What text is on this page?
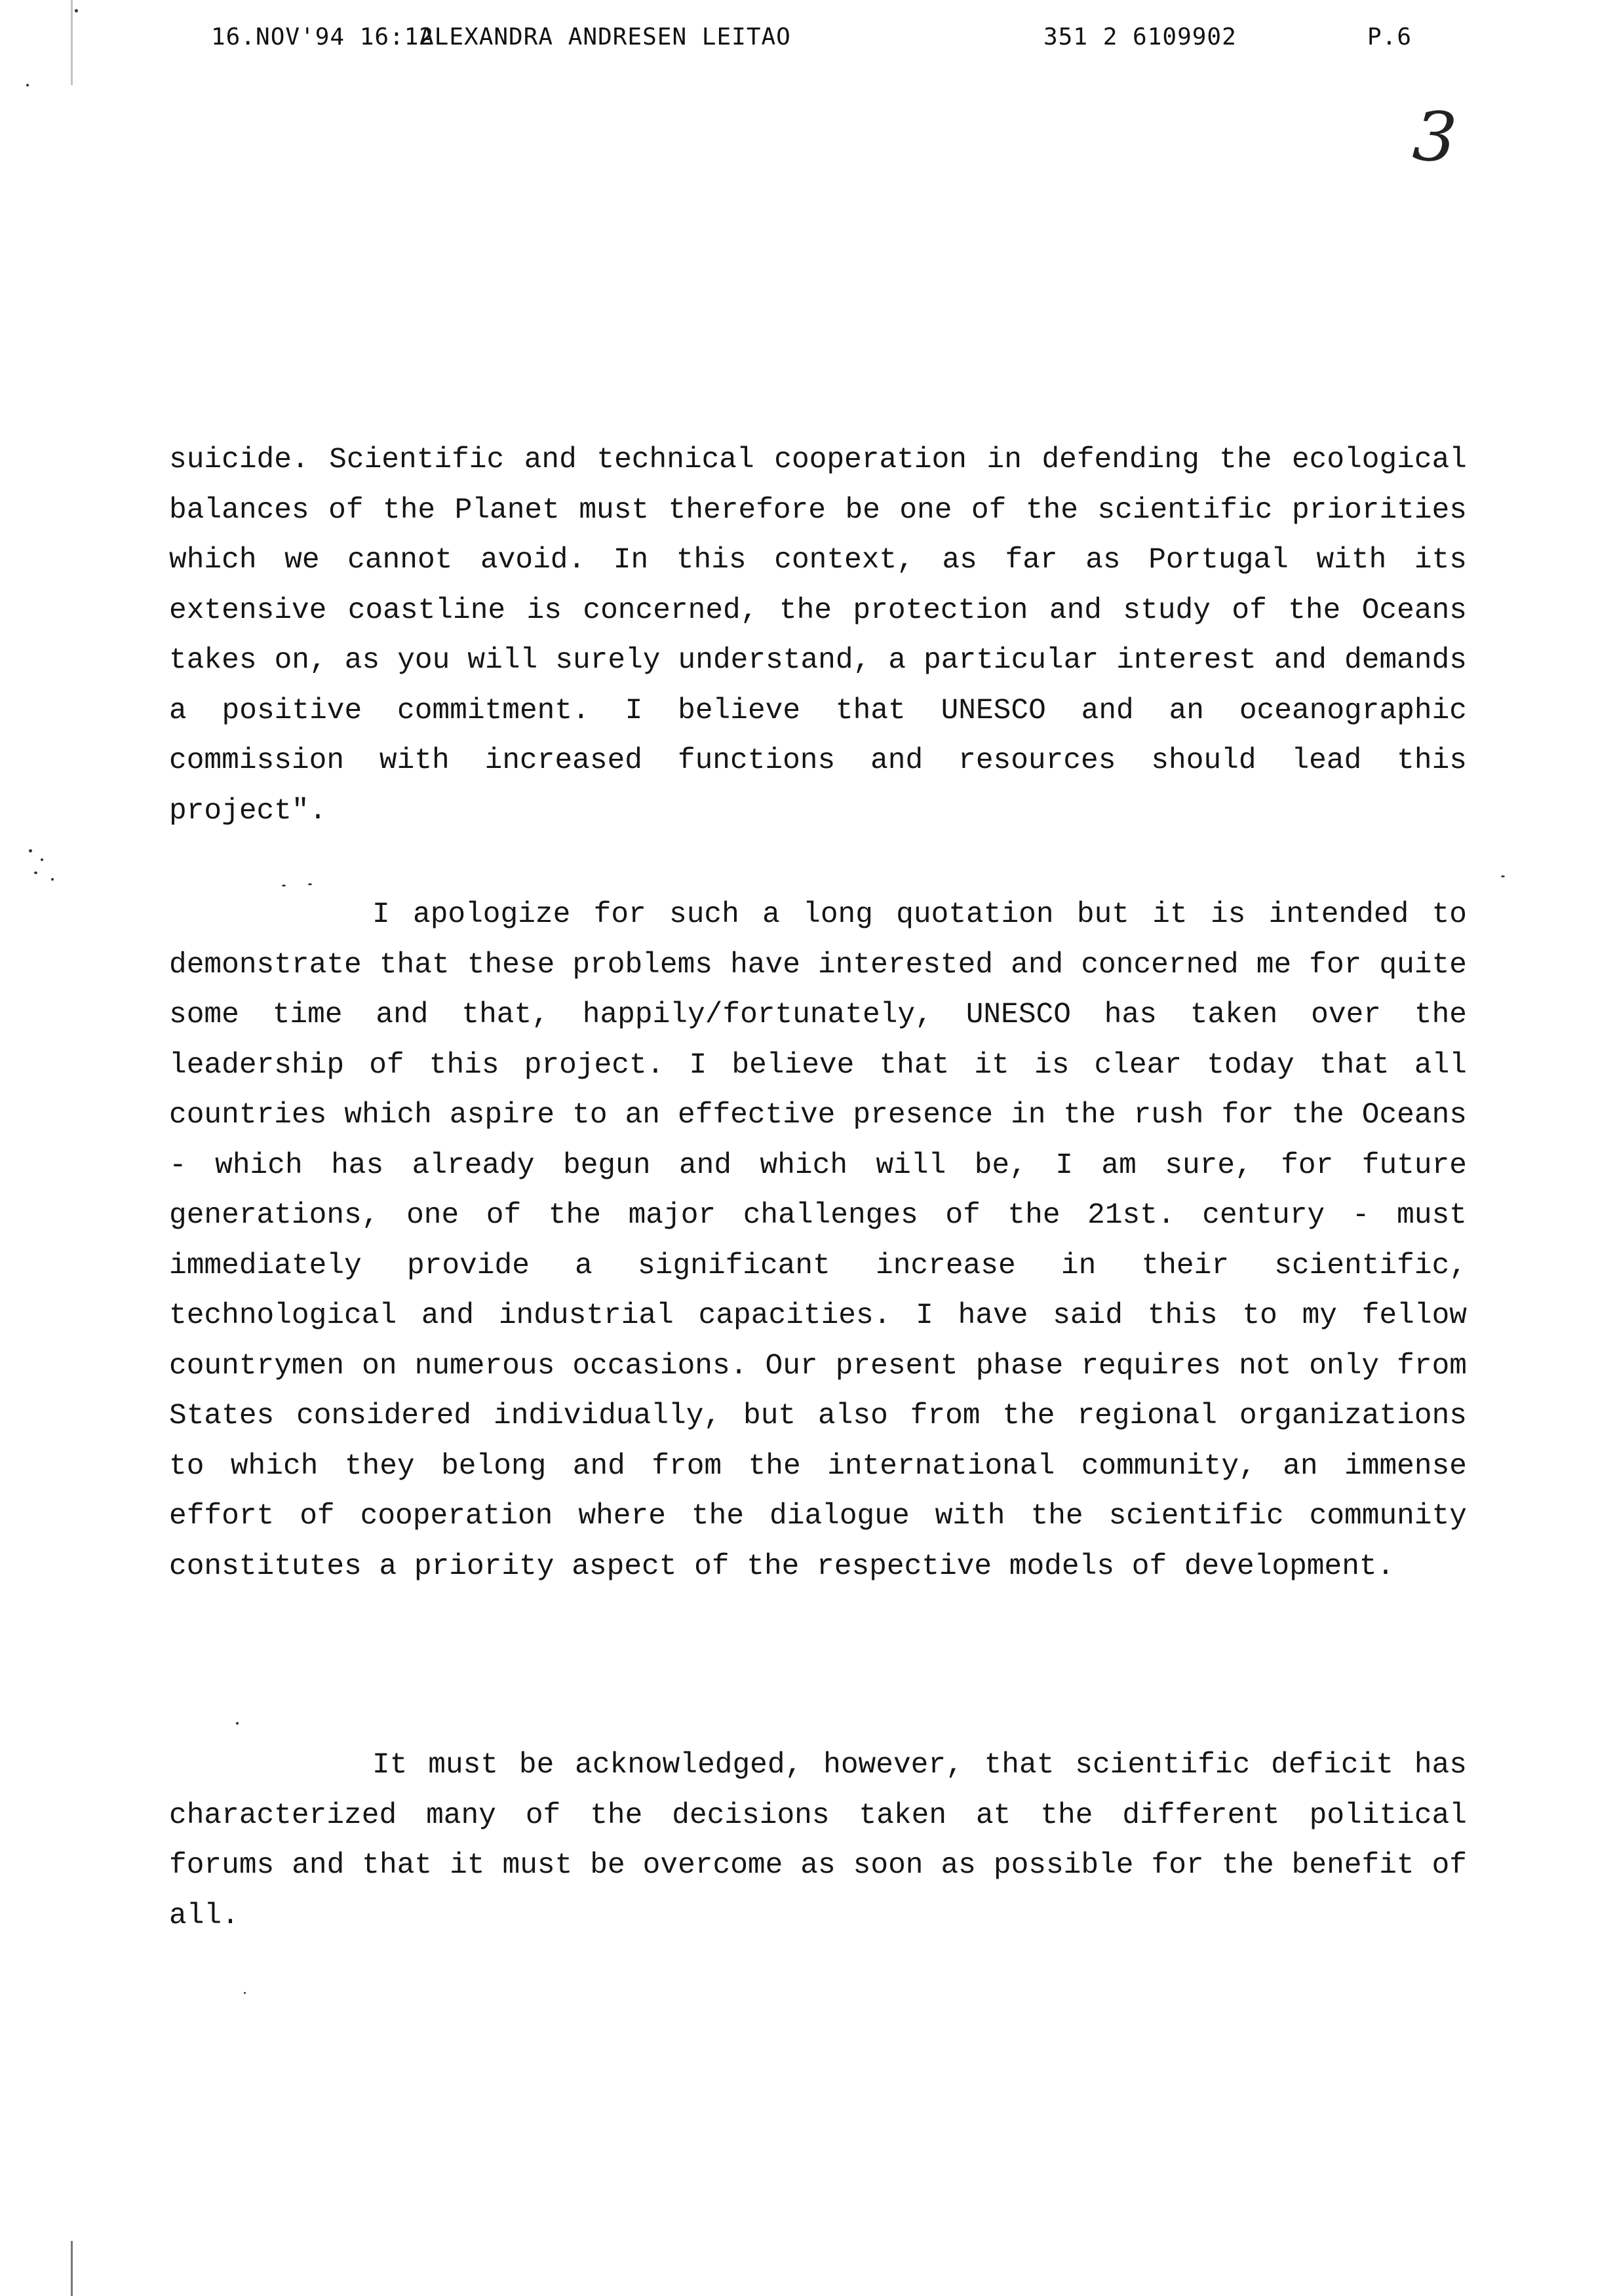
16.NOV'94 16:12
ALEXANDRA ANDRESEN LEITAO	351 2 6109902	P.6
3

suicide. Scientific and technical cooperation in defending the ecological balances of the Planet must therefore be one of the scientific priorities which we cannot avoid. In this context, as far as Portugal with its extensive coastline is concerned, the protection and study of the Oceans takes on, as you will surely understand, a particular interest and demands a positive commitment. I believe that UNESCO and an oceanographic commission with increased functions and resources should lead this project".

I apologize for such a long quotation but it is intended to demonstrate that these problems have interested and concerned me for quite some time and that, happily/fortunately, UNESCO has taken over the leadership of this project. I believe that it is clear today that all countries which aspire to an effective presence in the rush for the Oceans - which has already begun and which will be, I am sure, for future generations, one of the major challenges of the 21st. century - must immediately provide a significant increase in their scientific, technological and industrial capacities. I have said this to my fellow countrymen on numerous occasions. Our present phase requires not only from States considered individually, but also from the regional organizations to which they belong and from the international community, an immense effort of cooperation where the dialogue with the scientific community constitutes a priority aspect of the respective models of development.

It must be acknowledged, however, that scientific deficit has characterized many of the decisions taken at the different political forums and that it must be overcome as soon as possible for the benefit of all.
